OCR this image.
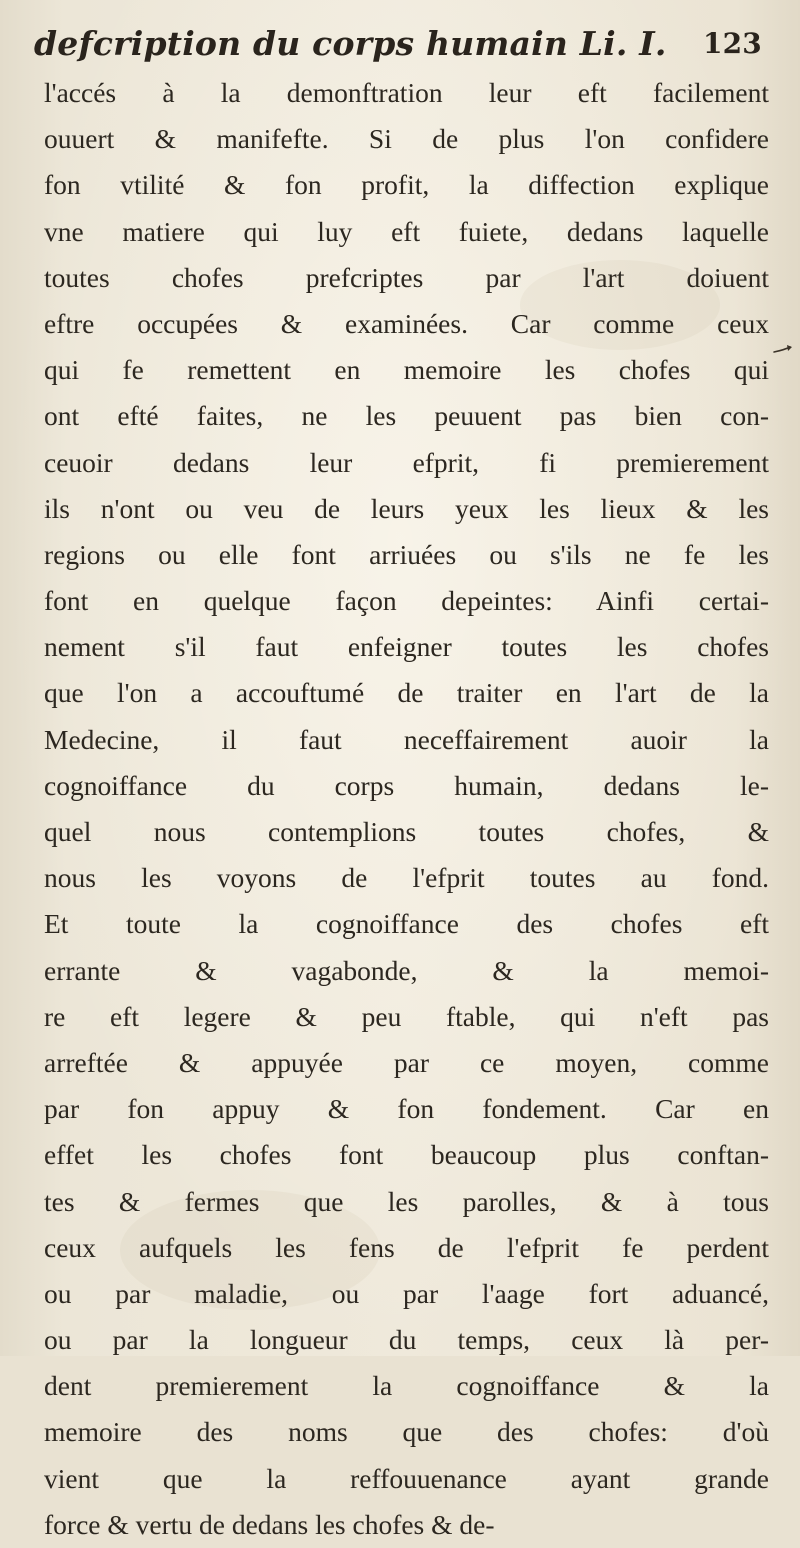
defcription du corps humain Li. I. 123
l'accés à la demonftration leur eft facilement
ouuert & manifefte. Si de plus l'on confidere
fon vtilité & fon profit, la diffection explique
vne matiere qui luy eft fuiete, dedans laquelle
toutes chofes prefcriptes par l'art doiuent
eftre occupées & examinées. Car comme ceux
qui fe remettent en memoire les chofes qui
ont efté faites, ne les peuuent pas bien con-
ceuoir dedans leur efprit, fi premierement
ils n'ont ou veu de leurs yeux les lieux & les
regions ou elle font arriuées ou s'ils ne fe les
font en quelque façon depeintes: Ainfi certai-
nement s'il faut enfeigner toutes les chofes
que l'on a accouftumé de traiter en l'art de la
Medecine, il faut neceffairement auoir la
cognoiffance du corps humain, dedans le-
quel nous contemplions toutes chofes, &
nous les voyons de l'efprit toutes au fond.
Et toute la cognoiffance des chofes eft
errante & vagabonde, & la memoi-
re eft legere & peu ftable, qui n'eft pas
arreftée & appuyée par ce moyen, comme
par fon appuy & fon fondement. Car en
effet les chofes font beaucoup plus conftan-
tes & fermes que les parolles, & à tous
ceux aufquels les fens de l'efprit fe perdent
ou par maladie, ou par l'aage fort aduancé,
ou par la longueur du temps, ceux là per-
dent premierement la cognoiffance & la
memoire des noms que des chofes: d'où
vient que la reffouuenance ayant grande
force & vertu de dedans les chofes & de-
